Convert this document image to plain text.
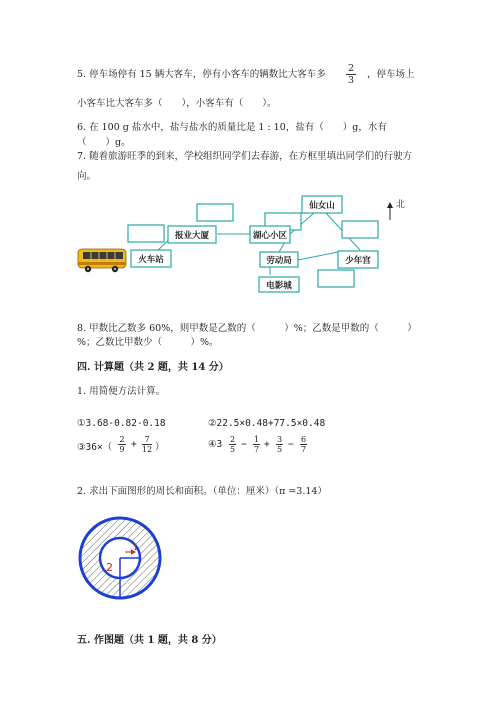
5. 停车场停有 15 辆大客车，停有小客车的辆数比大客车多
2
3
，停车场上
小客车比大客车多（　　），小客车有（　　）。
6. 在 100 g 盐水中，盐与盐水的质量比是 1 : 10，盐有（　　）g，水有
（　　）g。
7. 随着旅游旺季的到来，学校组织同学们去春游，在方框里填出同学们的行驶方
向。
报业大厦	湖心小区
仙女山
火车站	劳动局	少年宫
电影城
北
8. 甲数比乙数多 60%，则甲数是乙数的（　　　）%；乙数是甲数的（　　　）
%；乙数比甲数少（　　　）%。
四. 计算题（共 2 题，共 14 分）
1. 用简便方法计算。
①3.68-0.82-0.18	②22.5×0.48+77.5×0.48
③36×（
2
9 + 7
12 ）	④3 2
5 − 1
7 + 3
5 − 6
7
2. 求出下面图形的周长和面积。（单位：厘米）（π =3.14）
2
1
五. 作图题（共 1 题，共 8 分）
